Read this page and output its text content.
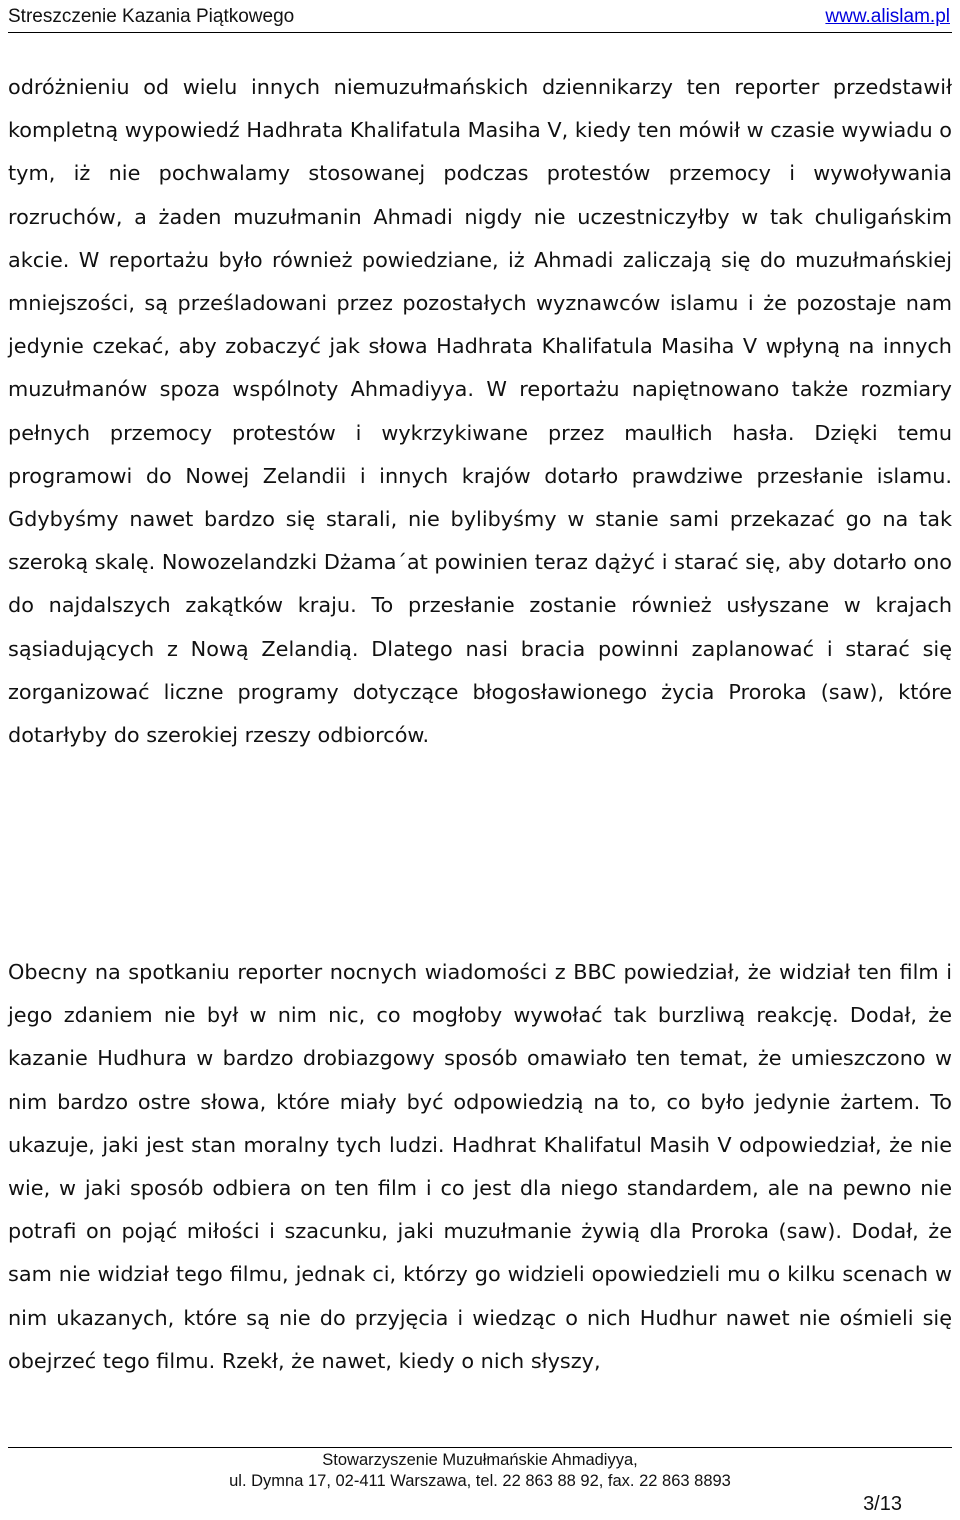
Streszczenie Kazania Piątkowego	www.alislam.pl

odróżnieniu od wielu innych niemuzułmańskich dziennikarzy ten reporter przedstawił kompletną wypowiedź Hadhrata Khalifatula Masiha V, kiedy ten mówił w czasie wywiadu o tym, iż nie pochwalamy stosowanej podczas protestów przemocy i wywoływania rozruchów, a żaden muzułmanin Ahmadi nigdy nie uczestniczyłby w tak chuligańskim akcie. W reportażu było również powiedziane, iż Ahmadi zaliczają się do muzułmańskiej mniejszości, są prześladowani przez pozostałych wyznawców islamu i że pozostaje nam jedynie czekać, aby zobaczyć jak słowa Hadhrata Khalifatula Masiha V wpłyną na innych muzułmanów spoza wspólnoty Ahmadiyya. W reportażu napiętnowano także rozmiary pełnych przemocy protestów i wykrzykiwane przez maulłich hasła. Dzięki temu programowi do Nowej Zelandii i innych krajów dotarło prawdziwe przesłanie islamu. Gdybyśmy nawet bardzo się starali, nie bylibyśmy w stanie sami przekazać go na tak szeroką skalę. Nowozelandzki Dżama´at powinien teraz dążyć i starać się, aby dotarło ono do najdalszych zakątków kraju. To przesłanie zostanie również usłyszane w krajach sąsiadujących z Nową Zelandią. Dlatego nasi bracia powinni zaplanować i starać się zorganizować liczne programy dotyczące błogosławionego życia Proroka (saw), które dotarłyby do szerokiej rzeszy odbiorców.

Obecny na spotkaniu reporter nocnych wiadomości z BBC powiedział, że widział ten film i jego zdaniem nie był w nim nic, co mogłoby wywołać tak burzliwą reakcję. Dodał, że kazanie Hudhura w bardzo drobiazgowy sposób omawiało ten temat, że umieszczono w nim bardzo ostre słowa, które miały być odpowiedzią na to, co było jedynie żartem. To ukazuje, jaki jest stan moralny tych ludzi. Hadhrat Khalifatul Masih V odpowiedział, że nie wie, w jaki sposób odbiera on ten film i co jest dla niego standardem, ale na pewno nie potrafi on pojąć miłości i szacunku, jaki muzułmanie żywią dla Proroka (saw). Dodał, że sam nie widział tego filmu, jednak ci, którzy go widzieli opowiedzieli mu o kilku scenach w nim ukazanych, które są nie do przyjęcia i wiedząc o nich Hudhur nawet nie ośmieli się obejrzeć tego filmu. Rzekł, że nawet, kiedy o nich słyszy,

Stowarzyszenie Muzułmańskie Ahmadiyya,
ul. Dymna 17, 02-411 Warszawa, tel. 22 863 88 92, fax. 22 863 8893
3/13
